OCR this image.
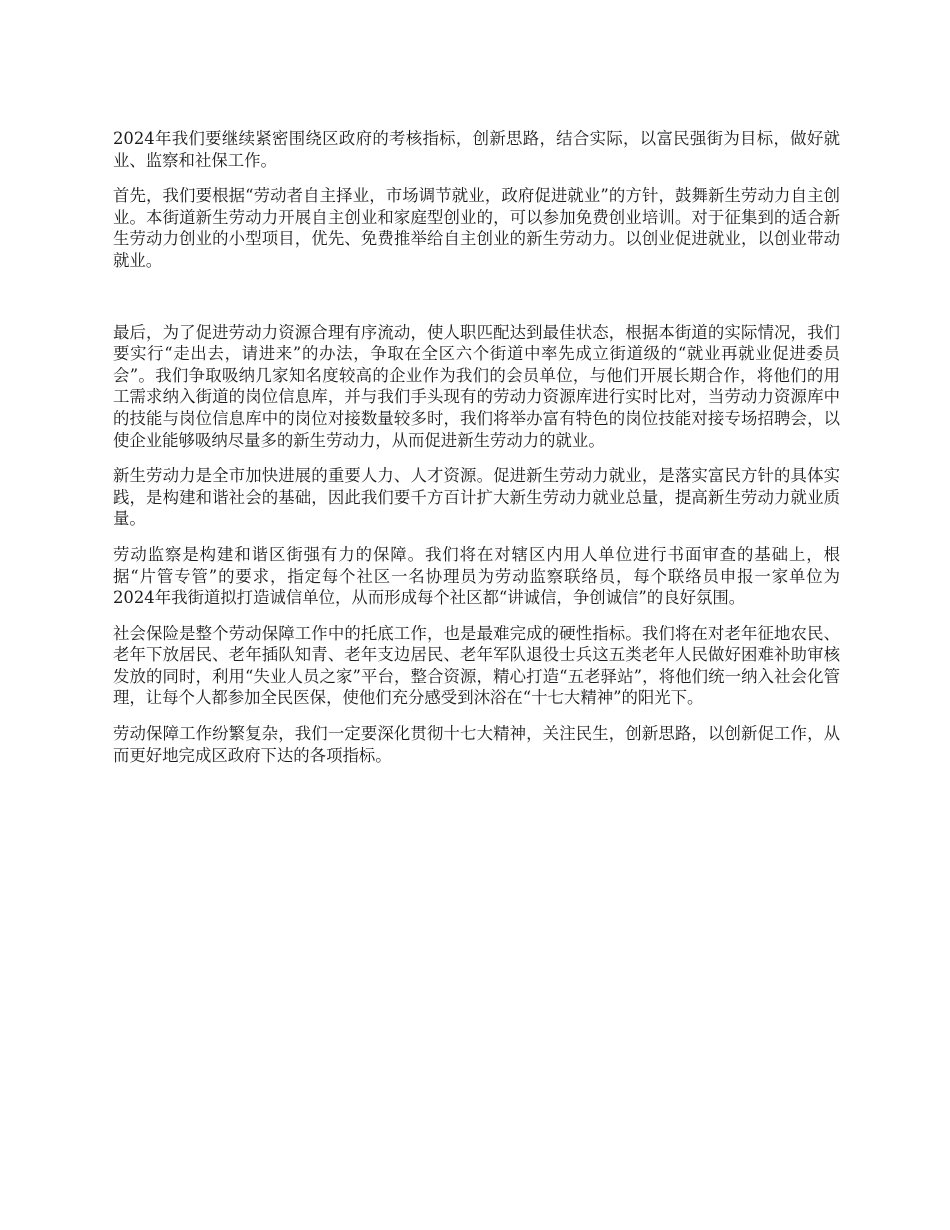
2024年我们要继续紧密围绕区政府的考核指标，创新思路，结合实际，以富民强街为目标，做好就业、监察和社保工作。

首先，我们要根据“劳动者自主择业，市场调节就业，政府促进就业”的方针，鼓舞新生劳动力自主创业。本街道新生劳动力开展自主创业和家庭型创业的，可以参加免费创业培训。对于征集到的适合新生劳动力创业的小型项目，优先、免费推举给自主创业的新生劳动力。以创业促进就业，以创业带动就业。

最后，为了促进劳动力资源合理有序流动，使人职匹配达到最佳状态，根据本街道的实际情况，我们要实行“走出去，请进来”的办法，争取在全区六个街道中率先成立街道级的“就业再就业促进委员会”。我们争取吸纳几家知名度较高的企业作为我们的会员单位，与他们开展长期合作，将他们的用工需求纳入街道的岗位信息库，并与我们手头现有的劳动力资源库进行实时比对，当劳动力资源库中的技能与岗位信息库中的岗位对接数量较多时，我们将举办富有特色的岗位技能对接专场招聘会，以使企业能够吸纳尽量多的新生劳动力，从而促进新生劳动力的就业。

新生劳动力是全市加快进展的重要人力、人才资源。促进新生劳动力就业，是落实富民方针的具体实践，是构建和谐社会的基础，因此我们要千方百计扩大新生劳动力就业总量，提高新生劳动力就业质量。

劳动监察是构建和谐区街强有力的保障。我们将在对辖区内用人单位进行书面审查的基础上，根据“片管专管”的要求，指定每个社区一名协理员为劳动监察联络员，每个联络员申报一家单位为2024年我街道拟打造诚信单位，从而形成每个社区都“讲诚信，争创诚信”的良好氛围。

社会保险是整个劳动保障工作中的托底工作，也是最难完成的硬性指标。我们将在对老年征地农民、老年下放居民、老年插队知青、老年支边居民、老年军队退役士兵这五类老年人民做好困难补助审核发放的同时，利用“失业人员之家”平台，整合资源，精心打造“五老驿站”，将他们统一纳入社会化管理，让每个人都参加全民医保，使他们充分感受到沐浴在“十七大精神”的阳光下。

劳动保障工作纷繁复杂，我们一定要深化贯彻十七大精神，关注民生，创新思路，以创新促工作，从而更好地完成区政府下达的各项指标。
